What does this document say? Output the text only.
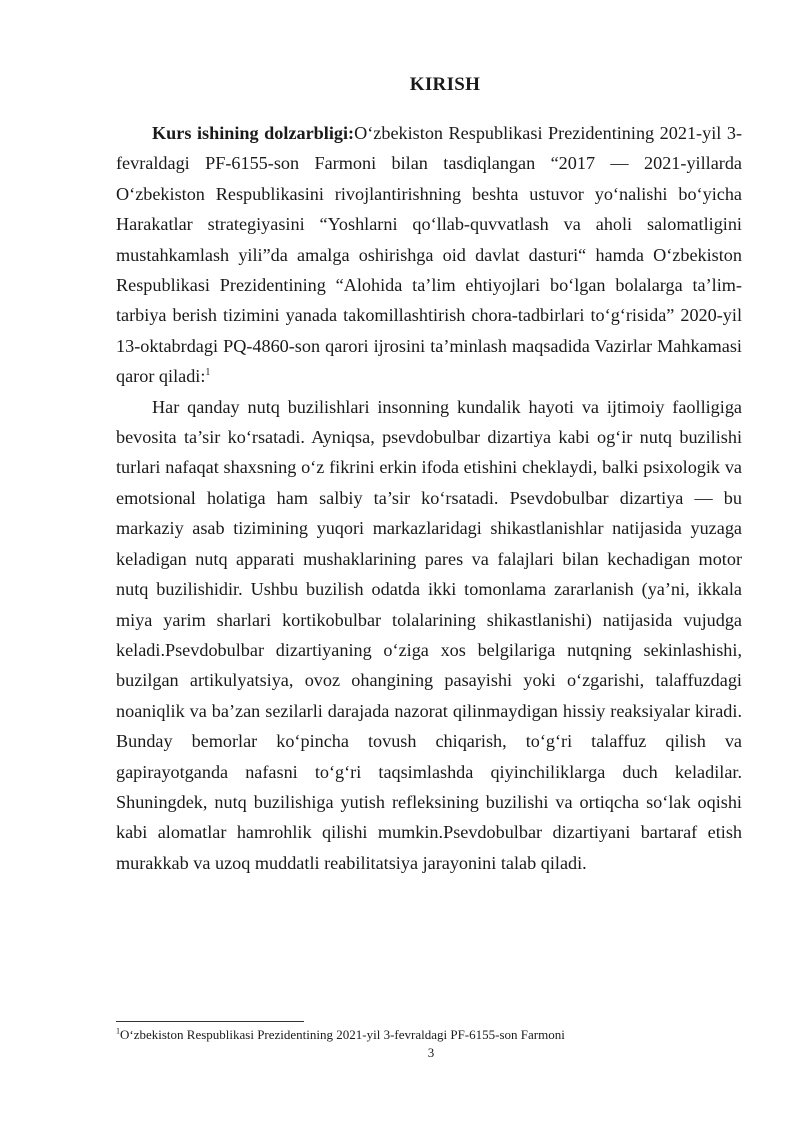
KIRISH

Kurs ishining dolzarbligi:O‘zbekiston Respublikasi Prezidentining 2021-yil 3-fevraldagi PF-6155-son Farmoni bilan tasdiqlangan “2017 — 2021-yillarda O‘zbekiston Respublikasini rivojlantirishning beshta ustuvor yo‘nalishi bo‘yicha Harakatlar strategiyasini “Yoshlarni qo‘llab-quvvatlash va aholi salomatligini mustahkamlash yili”da amalga oshirishga oid davlat dasturi“ hamda O‘zbekiston Respublikasi Prezidentining “Alohida ta’lim ehtiyojlari bo‘lgan bolalarga ta’lim-tarbiya berish tizimini yanada takomillashtirish chora-tadbirlari to‘g‘risida” 2020-yil 13-oktabrdagi PQ-4860-son qarori ijrosini ta’minlash maqsadida Vazirlar Mahkamasi qaror qiladi:$^1$

Har qanday nutq buzilishlari insonning kundalik hayoti va ijtimoiy faolligiga bevosita ta’sir ko‘rsatadi. Ayniqsa, psevdobulbar dizartiya kabi og‘ir nutq buzilishi turlari nafaqat shaxsning o‘z fikrini erkin ifoda etishini cheklaydi, balki psixologik va emotsional holatiga ham salbiy ta’sir ko‘rsatadi. Psevdobulbar dizartiya — bu markaziy asab tizimining yuqori markazlaridagi shikastlanishlar natijasida yuzaga keladigan nutq apparati mushaklarining pares va falajlari bilan kechadigan motor nutq buzilishidir. Ushbu buzilish odatda ikki tomonlama zararlanish (ya’ni, ikkala miya yarim sharlari kortikobulbar tolalarining shikastlanishi) natijasida vujudga keladi.Psevdobulbar dizartiyaning o‘ziga xos belgilariga nutqning sekinlashishi, buzilgan artikulyatsiya, ovoz ohangining pasayishi yoki o‘zgarishi, talaffuzdagi noaniqlik va ba’zan sezilarli darajada nazorat qilinmaydigan hissiy reaksiyalar kiradi. Bunday bemorlar ko‘pincha tovush chiqarish, to‘g‘ri talaffuz qilish va gapirayotganda nafasni to‘g‘ri taqsimlashda qiyinchiliklarga duch keladilar. Shuningdek, nutq buzilishiga yutish refleksining buzilishi va ortiqcha so‘lak oqishi kabi alomatlar hamrohlik qilishi mumkin.Psevdobulbar dizartiyani bartaraf etish murakkab va uzoq muddatli reabilitatsiya jarayonini talab qiladi.

$^1$O‘zbekiston Respublikasi Prezidentining 2021-yil 3-fevraldagi PF-6155-son Farmoni
3
